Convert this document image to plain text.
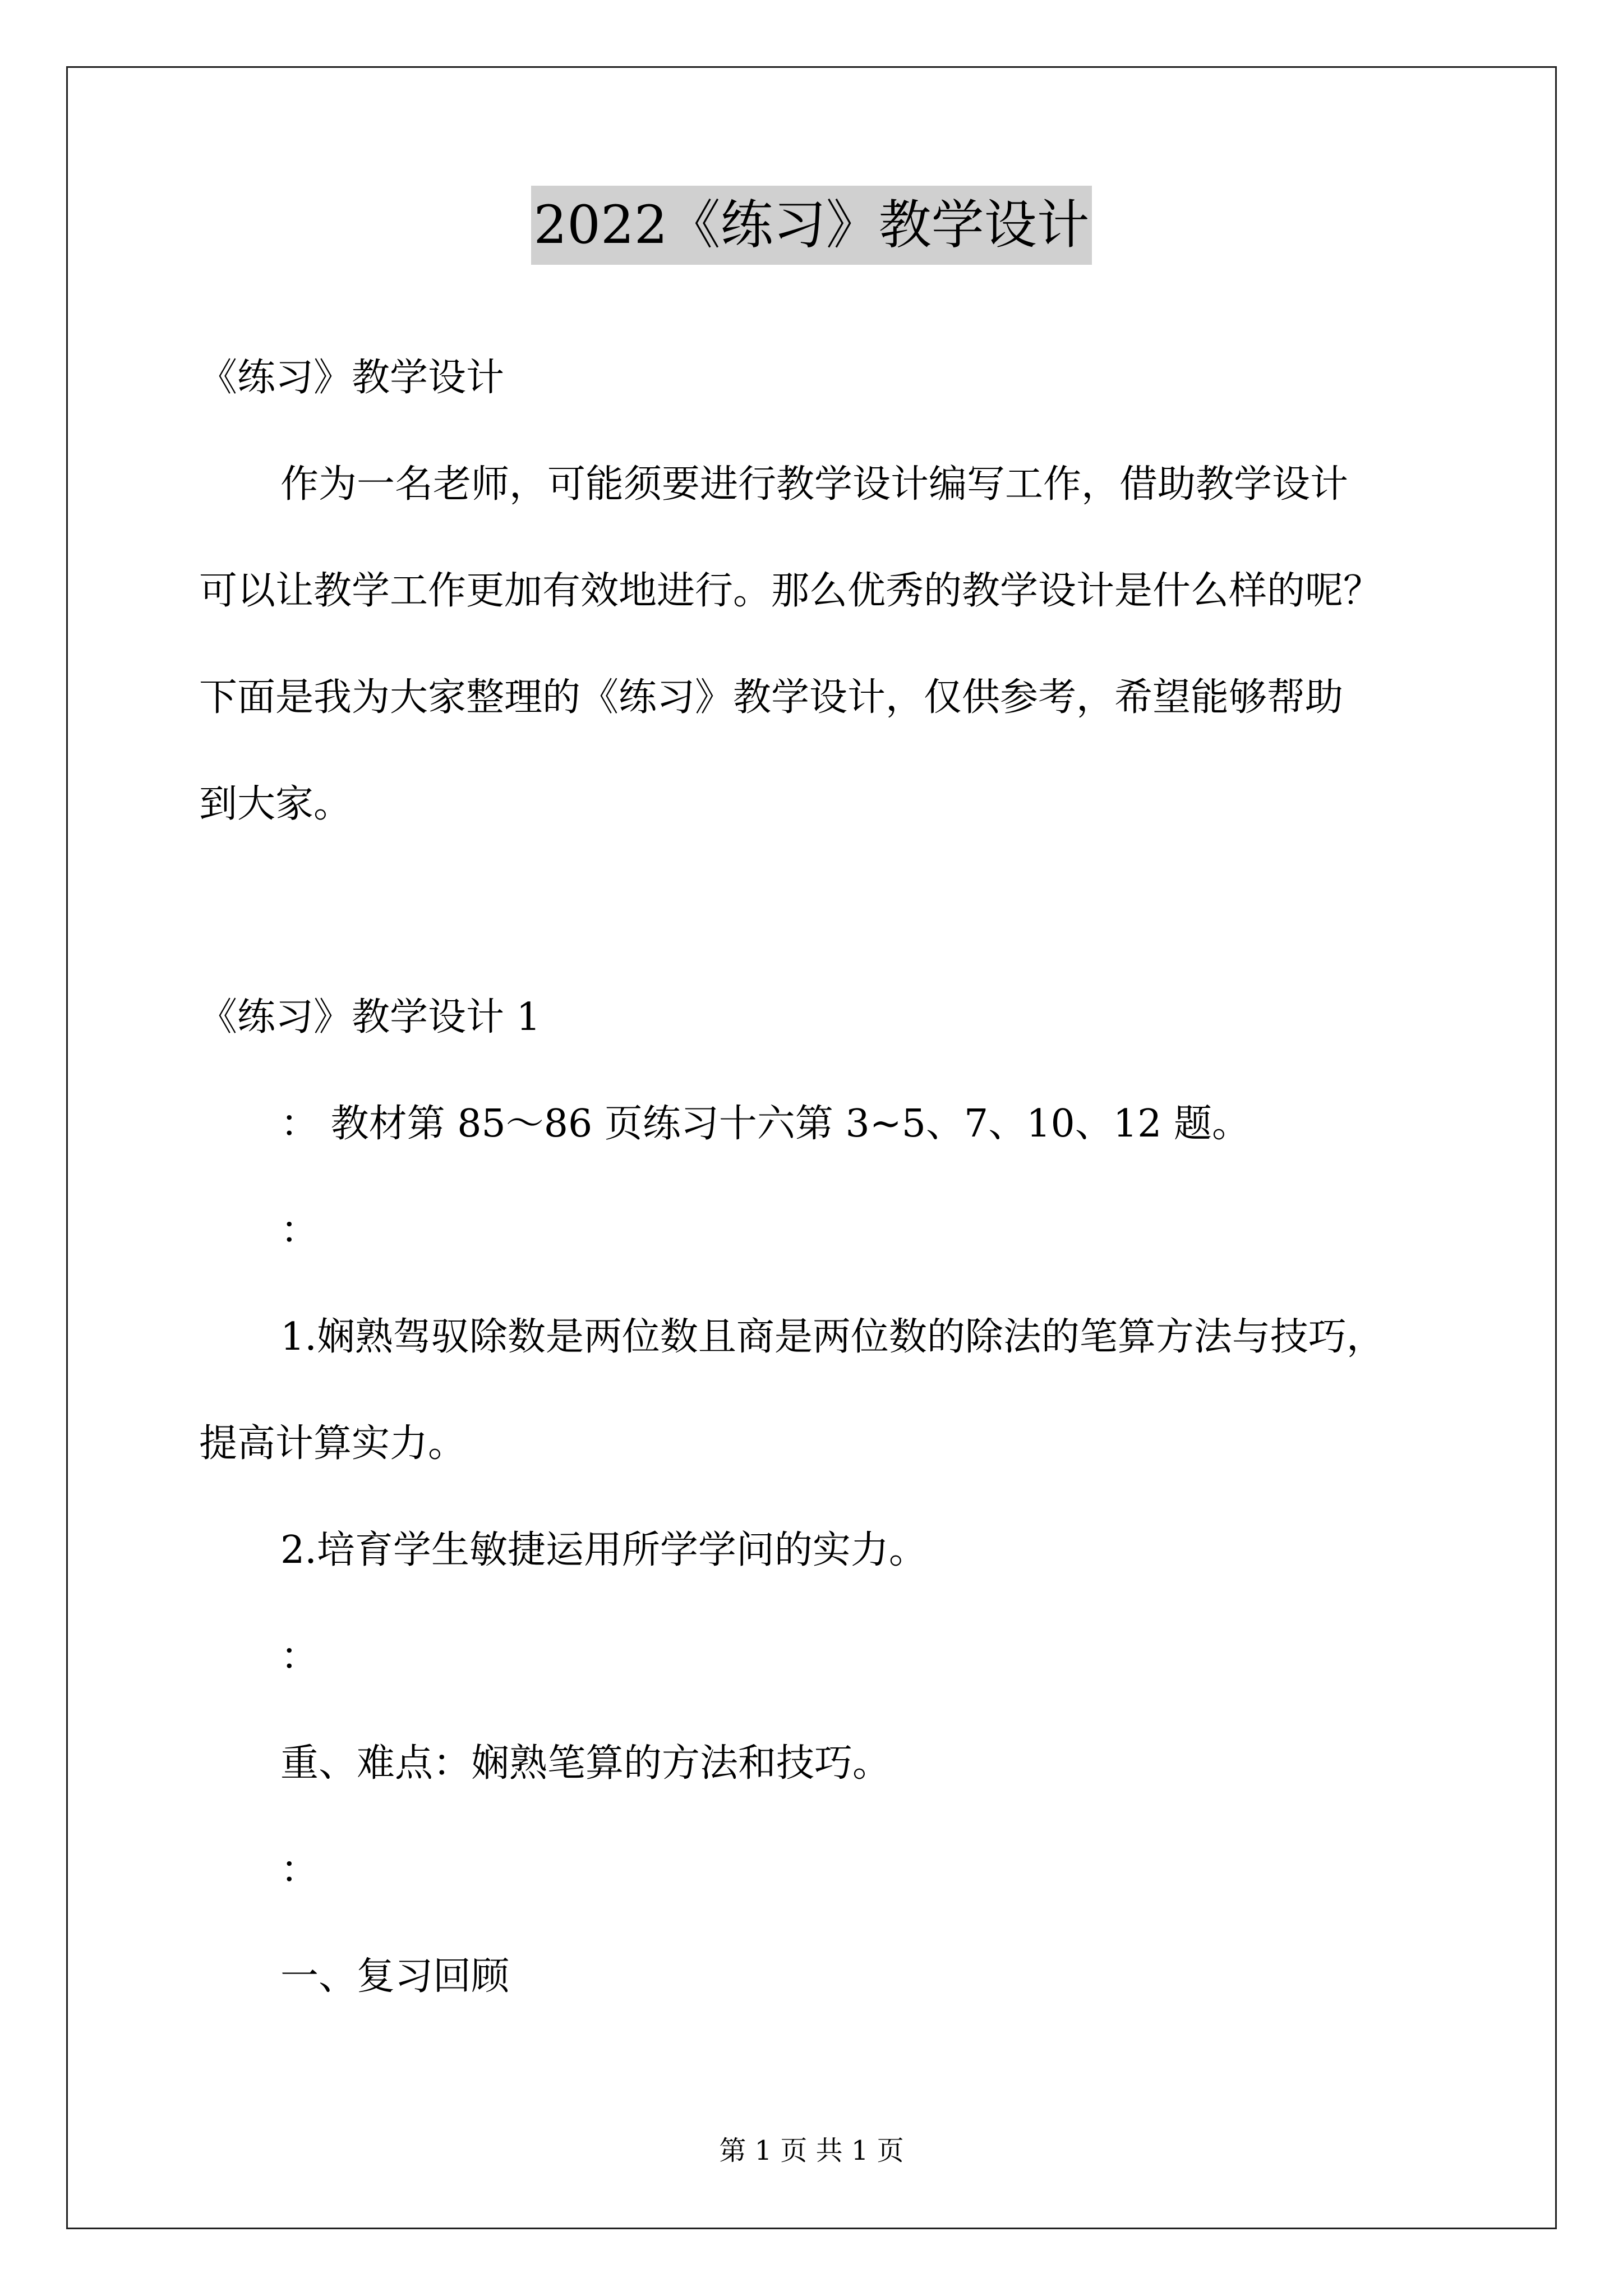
2022《练习》教学设计
《练习》教学设计
作为一名老师，可能须要进行教学设计编写工作，借助教学设计
可以让教学工作更加有效地进行。那么优秀的教学设计是什么样的呢？
下面是我为大家整理的《练习》教学设计，仅供参考，希望能够帮助
到大家。
《练习》教学设计 1
： 教材第 85～86 页练习十六第 3~5、7、10、12 题。
：
1.娴熟驾驭除数是两位数且商是两位数的除法的笔算方法与技巧，
提高计算实力。
2.培育学生敏捷运用所学学问的实力。
：
重、难点：娴熟笔算的方法和技巧。
：
一、复习回顾
第 1 页 共 1 页
